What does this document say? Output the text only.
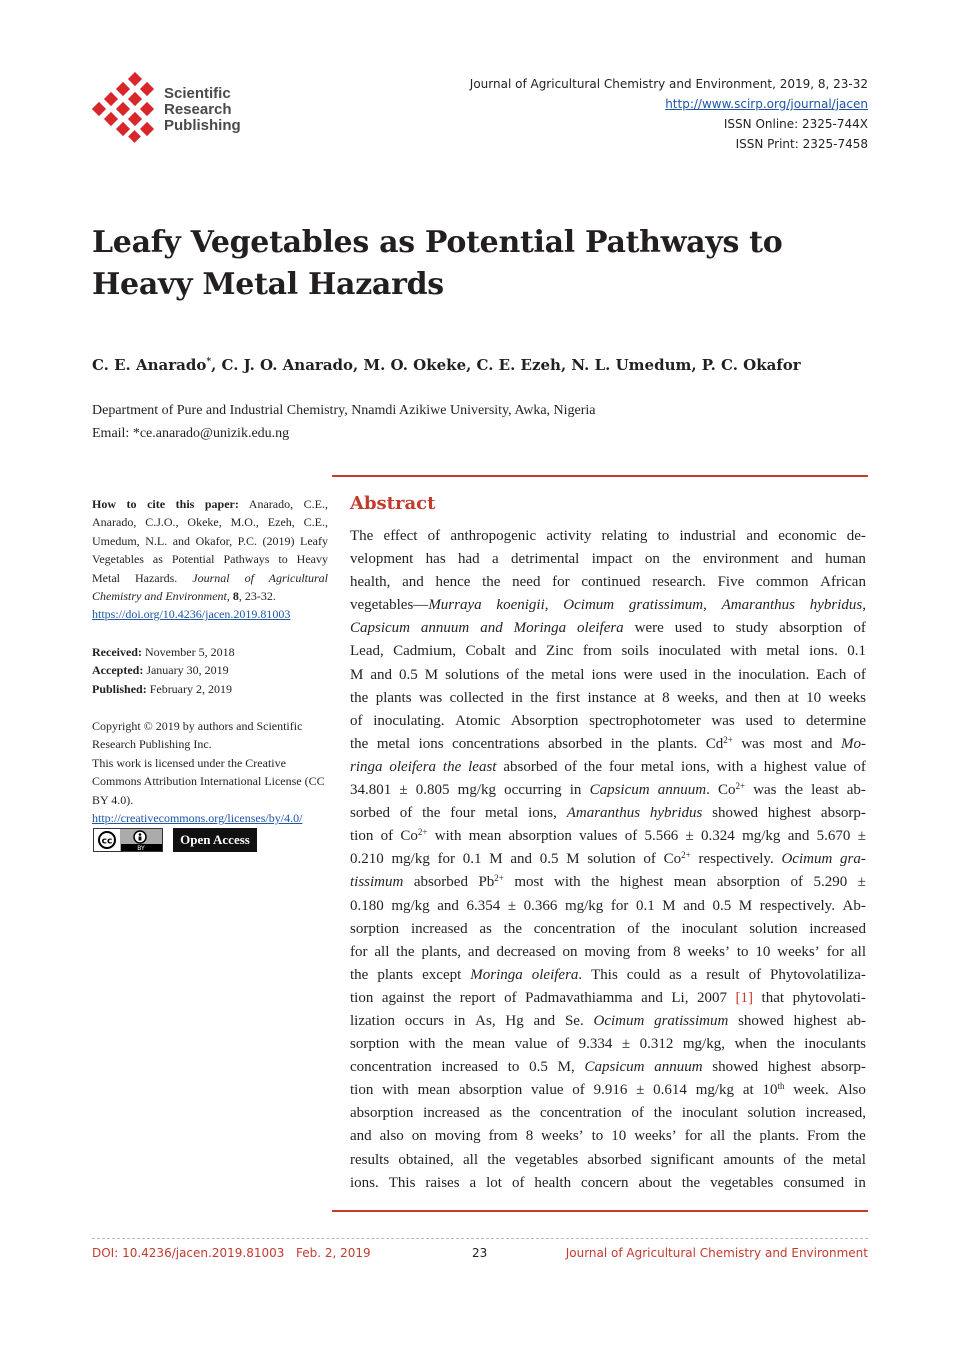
Scientific
Research
Publishing
Journal of Agricultural Chemistry and Environment, 2019, 8, 23-32
http://www.scirp.org/journal/jacen
ISSN Online: 2325-744X
ISSN Print: 2325-7458
Leafy Vegetables as Potential Pathways to
Heavy Metal Hazards
C. E. Anarado*, C. J. O. Anarado, M. O. Okeke, C. E. Ezeh, N. L. Umedum, P. C. Okafor
Department of Pure and Industrial Chemistry, Nnamdi Azikiwe University, Awka, Nigeria
Email: *ce.anarado@unizik.edu.ng

How to cite this paper: Anarado, C.E., Anarado, C.J.O., Okeke, M.O., Ezeh, C.E., Umedum, N.L. and Okafor, P.C. (2019) Leafy Vegetables as Potential Pathways to Heavy Metal Hazards. Journal of Agricultural Chemistry and Environment, 8, 23-32.

https://doi.org/10.4236/jacen.2019.81003

Received: November 5, 2018

Accepted: January 30, 2019

Published: February 2, 2019

Copyright © 2019 by authors and Scientific Research Publishing Inc.

This work is licensed under the Creative Commons Attribution International License (CC BY 4.0).

http://creativecommons.org/licenses/by/4.0/

cc
BY
Open Access
Abstract
The effect of anthropogenic activity relating to industrial and economic de-
velopment has had a detrimental impact on the environment and human
health, and hence the need for continued research. Five common African
vegetables—Murraya koenigii, Ocimum gratissimum, Amaranthus hybridus,
Capsicum annuum and Moringa oleifera were used to study absorption of
Lead, Cadmium, Cobalt and Zinc from soils inoculated with metal ions. 0.1
M and 0.5 M solutions of the metal ions were used in the inoculation. Each of
the plants was collected in the first instance at 8 weeks, and then at 10 weeks
of inoculating. Atomic Absorption spectrophotometer was used to determine
the metal ions concentrations absorbed in the plants. $Cd^{2+}$ was most and Mo-
ringa oleifera the least absorbed of the four metal ions, with a highest value of
34.801 ± 0.805 mg/kg occurring in Capsicum annuum. $Co^{2+}$ was the least ab-
sorbed of the four metal ions, Amaranthus hybridus showed highest absorp-
tion of $Co^{2+}$ with mean absorption values of 5.566 ± 0.324 mg/kg and 5.670 ±
0.210 mg/kg for 0.1 M and 0.5 M solution of $Co^{2+}$ respectively. Ocimum gra-
tissimum absorbed $Pb^{2+}$ most with the highest mean absorption of 5.290 ±
0.180 mg/kg and 6.354 ± 0.366 mg/kg for 0.1 M and 0.5 M respectively. Ab-
sorption increased as the concentration of the inoculant solution increased
for all the plants, and decreased on moving from 8 weeks’ to 10 weeks’ for all
the plants except Moringa oleifera. This could as a result of Phytovolatiliza-
tion against the report of Padmavathiamma and Li, 2007 [1] that phytovolati-
lization occurs in As, Hg and Se. Ocimum gratissimum showed highest ab-
sorption with the mean value of 9.334 ± 0.312 mg/kg, when the inoculants
concentration increased to 0.5 M, Capsicum annuum showed highest absorp-
tion with mean absorption value of 9.916 ± 0.614 mg/kg at 10th week. Also
absorption increased as the concentration of the inoculant solution increased,
and also on moving from 8 weeks’ to 10 weeks’ for all the plants. From the
results obtained, all the vegetables absorbed significant amounts of the metal
ions. This raises a lot of health concern about the vegetables consumed in
DOI: 10.4236/jacen.2019.81003 Feb. 2, 2019	23	Journal of Agricultural Chemistry and Environment
